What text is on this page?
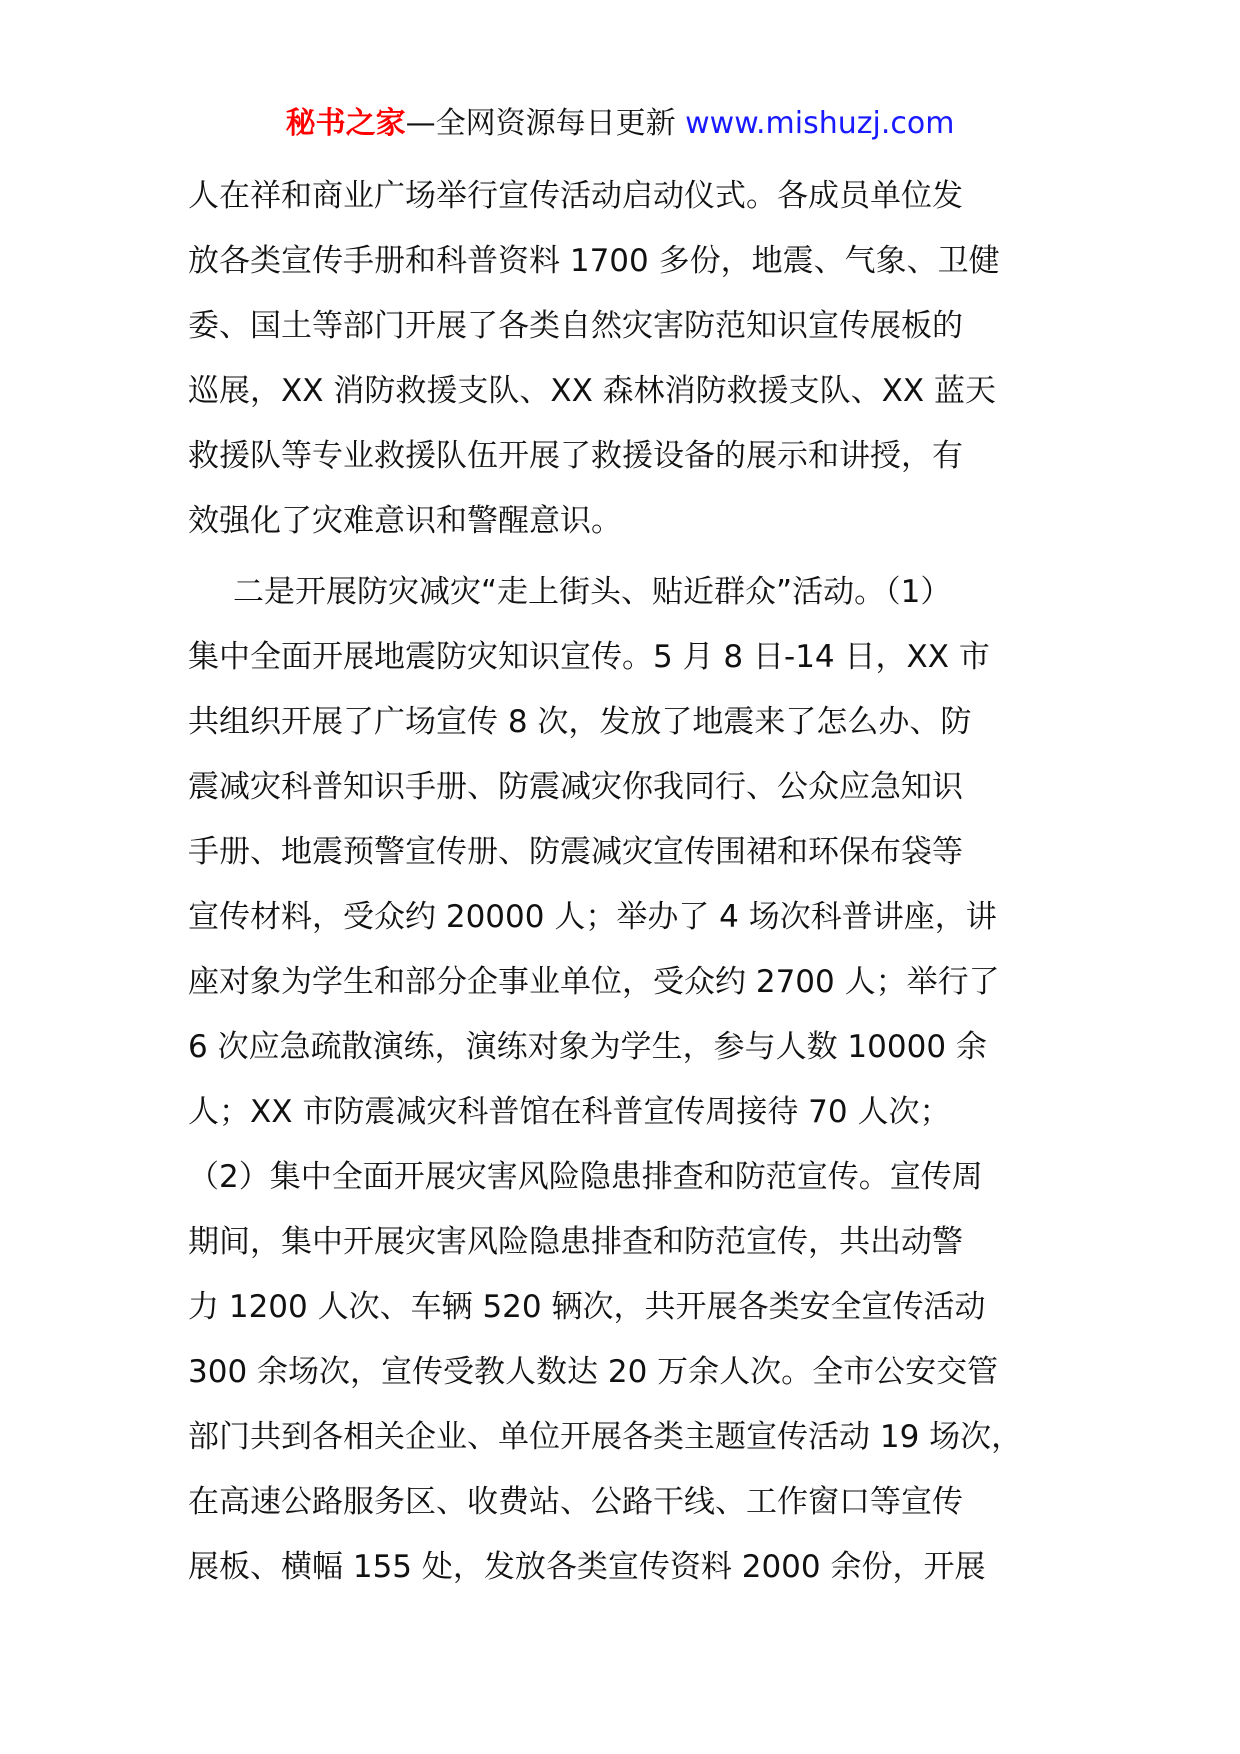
秘书之家—全网资源每日更新 www.mishuzj.com
人在祥和商业广场举行宣传活动启动仪式。各成员单位发
放各类宣传手册和科普资料 1700 多份，地震、气象、卫健
委、国土等部门开展了各类自然灾害防范知识宣传展板的
巡展，XX 消防救援支队、XX 森林消防救援支队、XX 蓝天
救援队等专业救援队伍开展了救援设备的展示和讲授，有
效强化了灾难意识和警醒意识。
二是开展防灾减灾“走上街头、贴近群众”活动。（1）
集中全面开展地震防灾知识宣传。5 月 8 日-14 日，XX 市
共组织开展了广场宣传 8 次，发放了地震来了怎么办、防
震减灾科普知识手册、防震减灾你我同行、公众应急知识
手册、地震预警宣传册、防震减灾宣传围裙和环保布袋等
宣传材料，受众约 20000 人；举办了 4 场次科普讲座，讲
座对象为学生和部分企事业单位，受众约 2700 人；举行了
6 次应急疏散演练，演练对象为学生，参与人数 10000 余
人；XX 市防震减灾科普馆在科普宣传周接待 70 人次；
（2）集中全面开展灾害风险隐患排查和防范宣传。宣传周
期间，集中开展灾害风险隐患排查和防范宣传，共出动警
力 1200 人次、车辆 520 辆次，共开展各类安全宣传活动
300 余场次，宣传受教人数达 20 万余人次。全市公安交管
部门共到各相关企业、单位开展各类主题宣传活动 19 场次，
在高速公路服务区、收费站、公路干线、工作窗口等宣传
展板、横幅 155 处，发放各类宣传资料 2000 余份，开展
